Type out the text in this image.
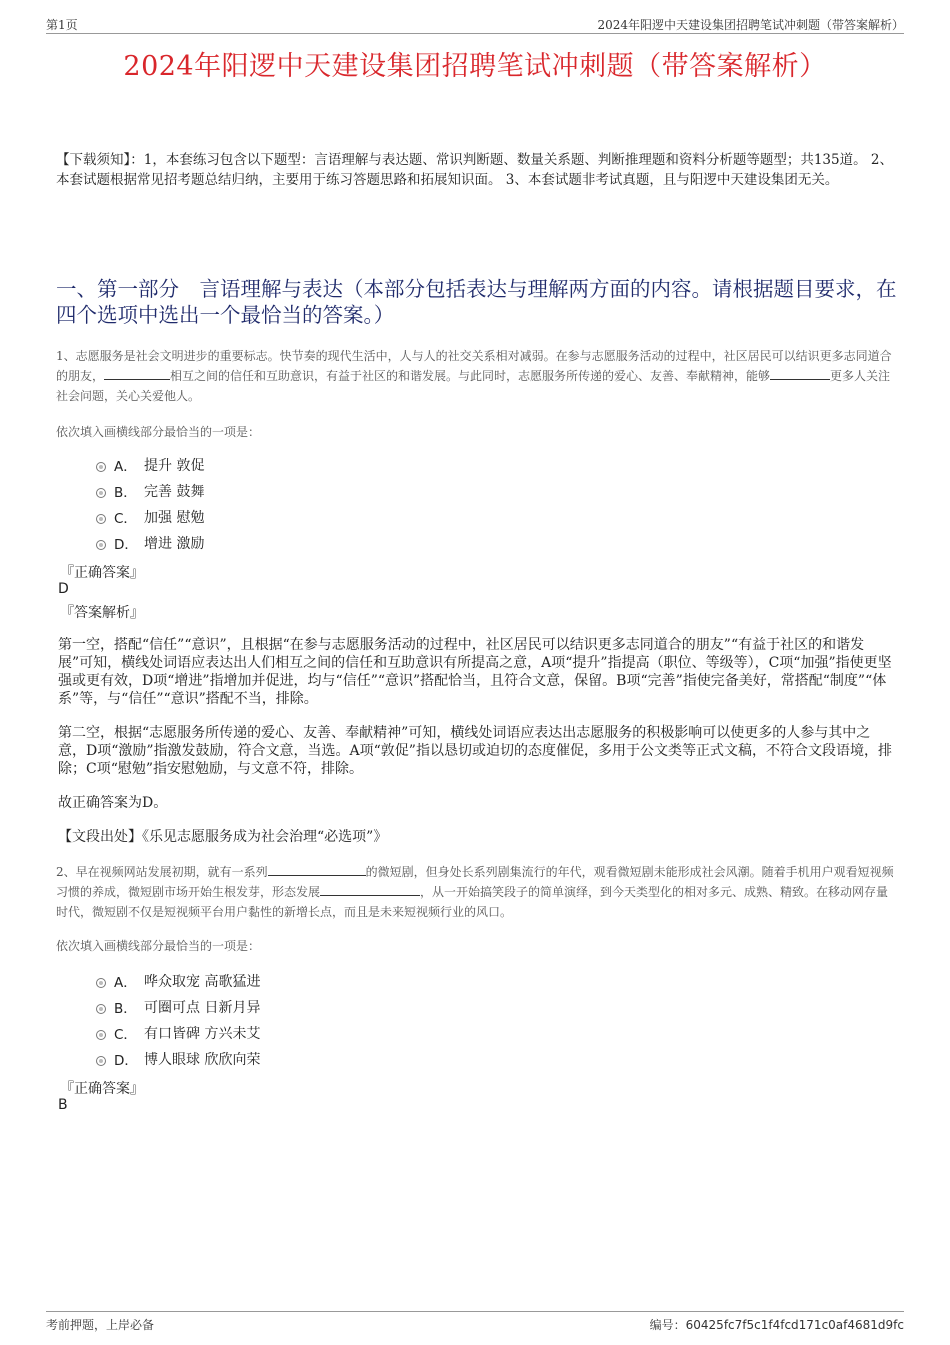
第1页	2024年阳逻中天建设集团招聘笔试冲刺题（带答案解析）
2024年阳逻中天建设集团招聘笔试冲刺题（带答案解析）
【下载须知】：1，本套练习包含以下题型：言语理解与表达题、常识判断题、数量关系题、判断推理题和资料分析题等题型；共135道。 2、本套试题根据常见招考题总结归纳，主要用于练习答题思路和拓展知识面。 3、本套试题非考试真题，且与阳逻中天建设集团无关。
一、第一部分　言语理解与表达（本部分包括表达与理解两方面的内容。请根据题目要求，在四个选项中选出一个最恰当的答案。）
1、志愿服务是社会文明进步的重要标志。快节奏的现代生活中，人与人的社交关系相对减弱。在参与志愿服务活动的过程中，社区居民可以结识更多志同道合的朋友，	相互之间的信任和互助意识，有益于社区的和谐发展。与此同时，志愿服务所传递的爱心、友善、奉献精神，能够	更多人关注社会问题，关心关爱他人。
依次填入画横线部分最恰当的一项是：
A． 提升 敦促
B． 完善 鼓舞
C． 加强 慰勉
D． 增进 激励
『正确答案』
D
『答案解析』
第一空，搭配“信任”“意识”，且根据“在参与志愿服务活动的过程中，社区居民可以结识更多志同道合的朋友”“有益于社区的和谐发展”可知，横线处词语应表达出人们相互之间的信任和互助意识有所提高之意，A项“提升”指提高（职位、等级等），C项“加强”指使更坚强或更有效，D项“增进”指增加并促进，均与“信任”“意识”搭配恰当，且符合文意，保留。B项“完善”指使完备美好，常搭配“制度”“体系”等，与“信任”“意识”搭配不当，排除。
第二空，根据“志愿服务所传递的爱心、友善、奉献精神”可知，横线处词语应表达出志愿服务的积极影响可以使更多的人参与其中之意，D项“激励”指激发鼓励，符合文意，当选。A项“敦促”指以恳切或迫切的态度催促，多用于公文类等正式文稿，不符合文段语境，排除；C项“慰勉”指安慰勉励，与文意不符，排除。
故正确答案为D。
【文段出处】《乐见志愿服务成为社会治理“必选项”》
2、早在视频网站发展初期，就有一系列	的微短剧，但身处长系列剧集流行的年代，观看微短剧未能形成社会风潮。随着手机用户观看短视频习惯的养成，微短剧市场开始生根发芽，形态发展	，从一开始搞笑段子的简单演绎，到今天类型化的相对多元、成熟、精致。在移动网存量时代，微短剧不仅是短视频平台用户黏性的新增长点，而且是未来短视频行业的风口。
依次填入画横线部分最恰当的一项是：
A． 哗众取宠 高歌猛进
B． 可圈可点 日新月异
C． 有口皆碑 方兴未艾
D． 博人眼球 欣欣向荣
『正确答案』
B
考前押题，上岸必备	编号：60425fc7f5c1f4fcd171c0af4681d9fc
